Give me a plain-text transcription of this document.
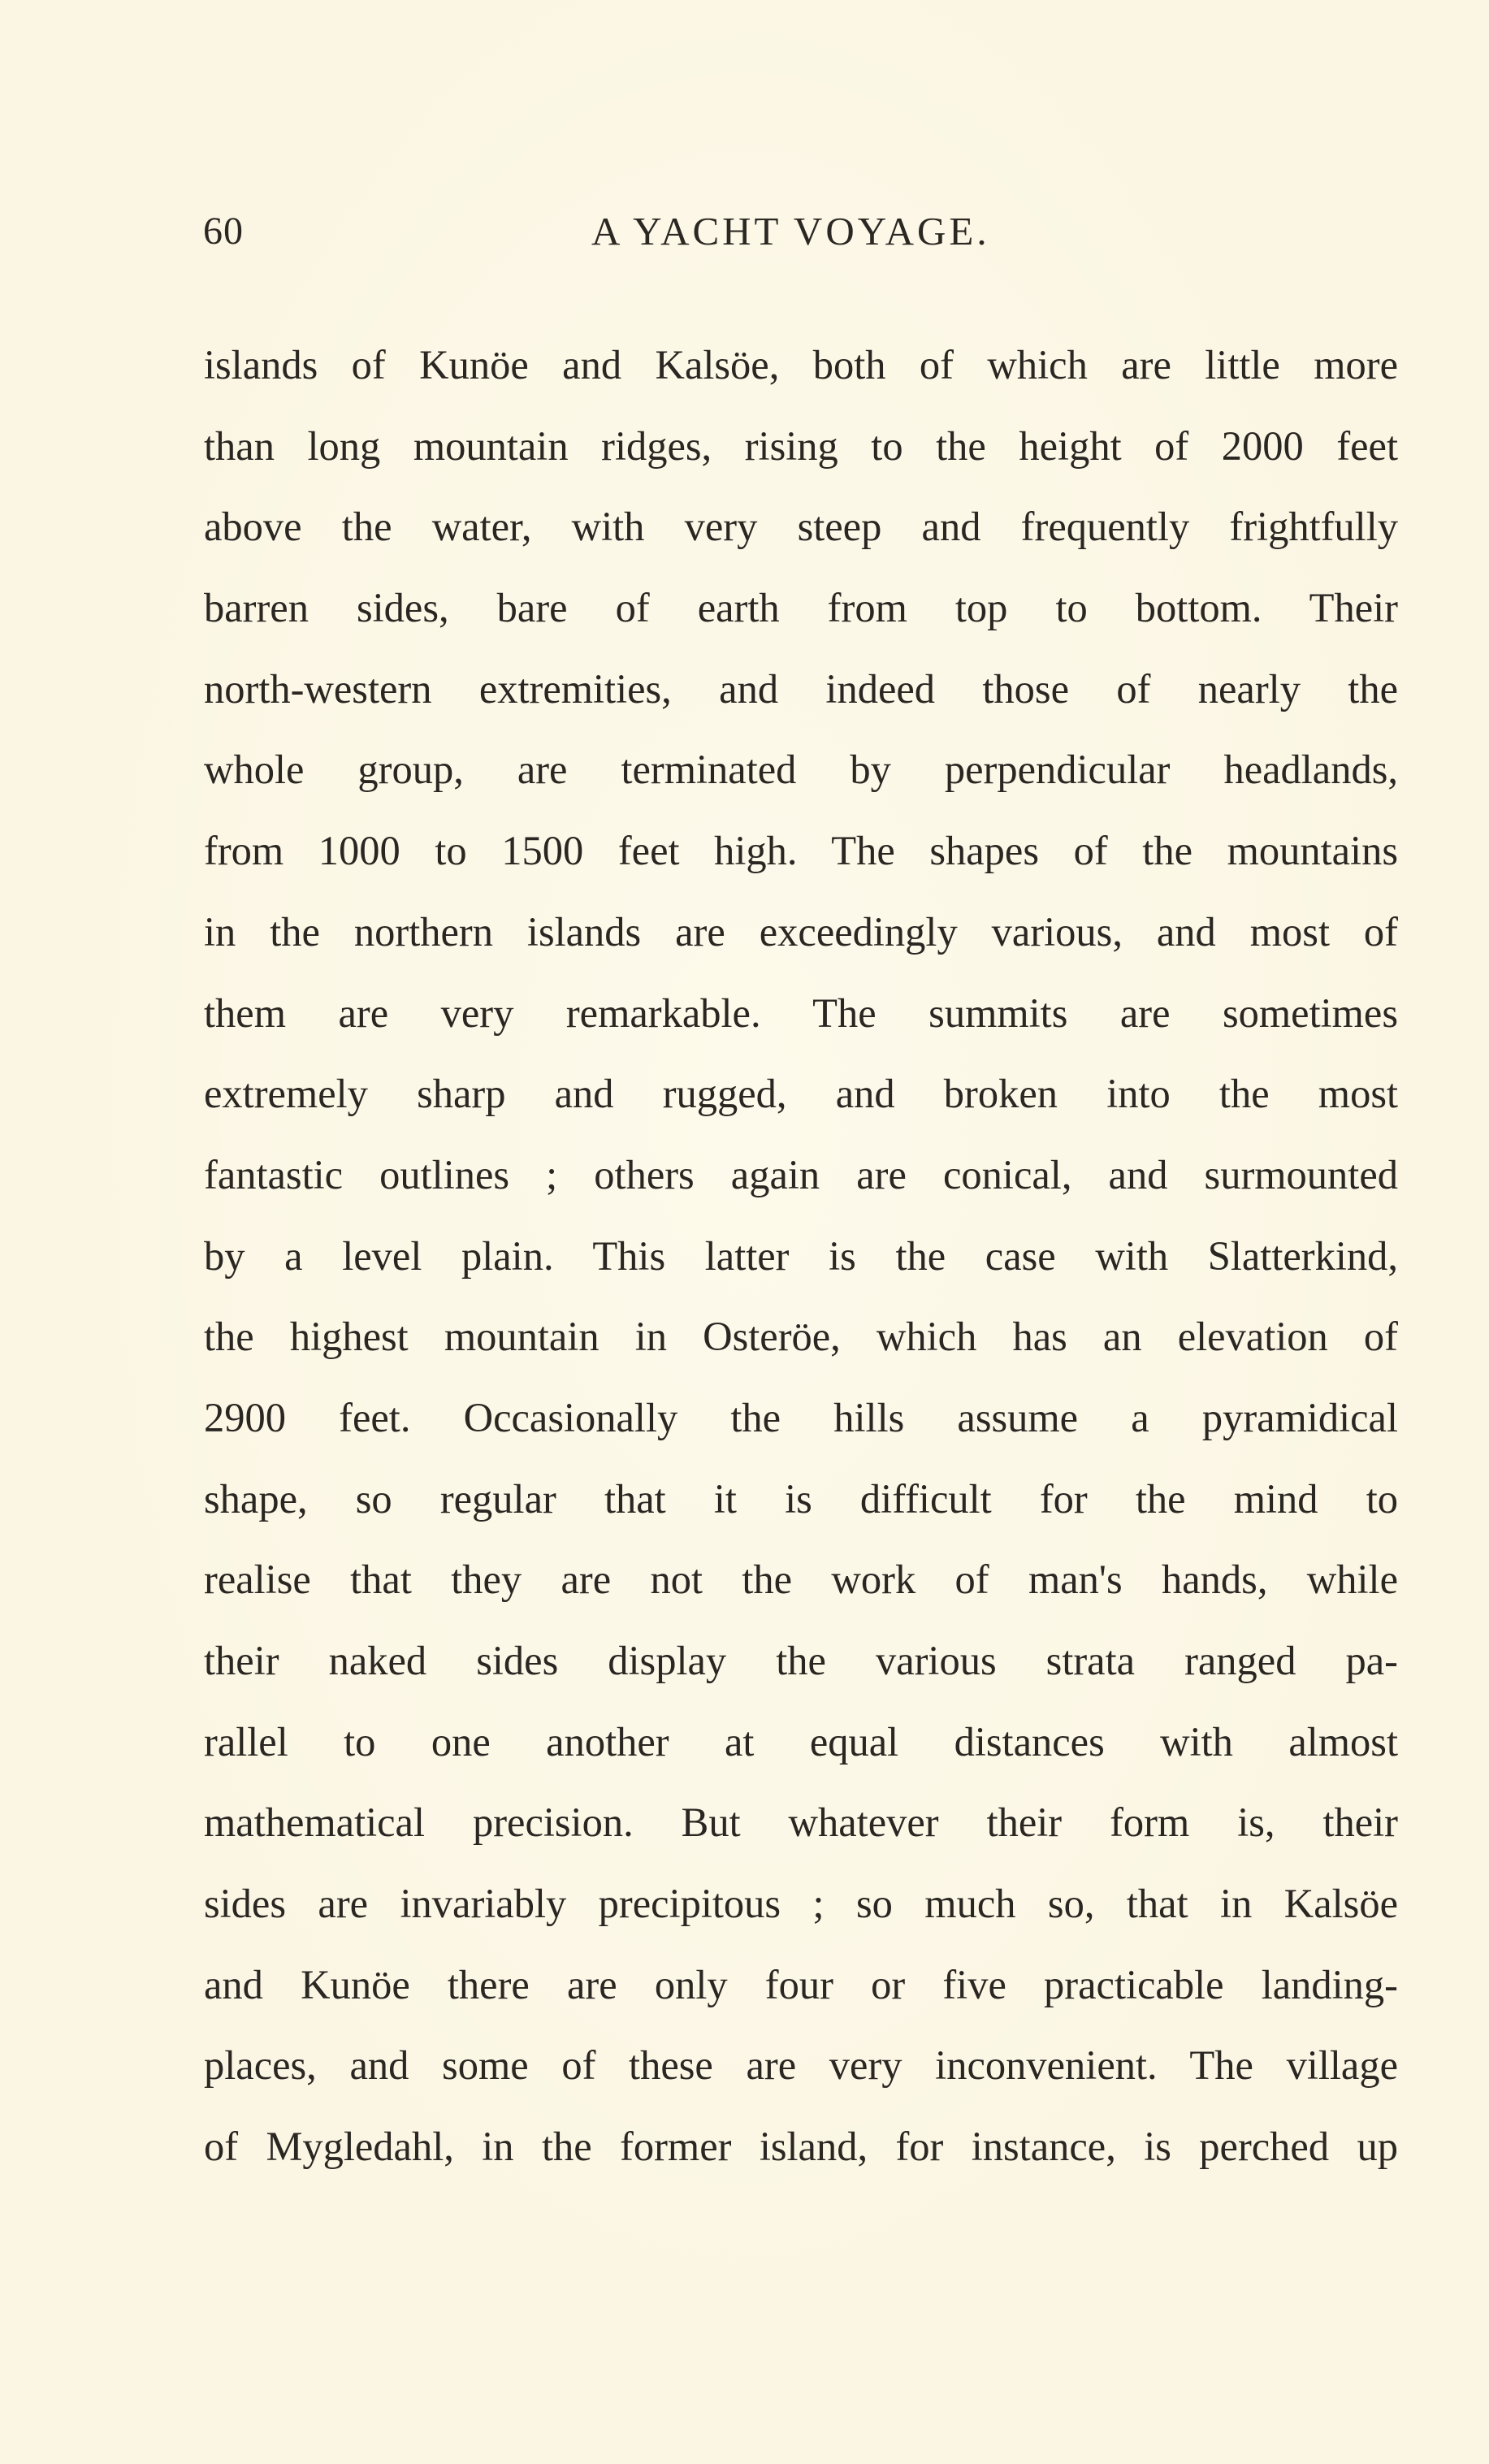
60	A YACHT VOYAGE.
islands of Kunöe and Kalsöe, both of which are little more
than long mountain ridges, rising to the height of 2000 feet
above the water, with very steep and frequently frightfully
barren sides, bare of earth from top to bottom. Their
north-western extremities, and indeed those of nearly the
whole group, are terminated by perpendicular headlands,
from 1000 to 1500 feet high. The shapes of the mountains
in the northern islands are exceedingly various, and most of
them are very remarkable. The summits are sometimes
extremely sharp and rugged, and broken into the most
fantastic outlines ; others again are conical, and surmounted
by a level plain. This latter is the case with Slatterkind,
the highest mountain in Osteröe, which has an elevation of
2900 feet. Occasionally the hills assume a pyramidical
shape, so regular that it is difficult for the mind to
realise that they are not the work of man's hands, while
their naked sides display the various strata ranged pa-
rallel to one another at equal distances with almost
mathematical precision. But whatever their form is, their
sides are invariably precipitous ; so much so, that in Kalsöe
and Kunöe there are only four or five practicable landing-
places, and some of these are very inconvenient. The village
of Mygledahl, in the former island, for instance, is perched up
